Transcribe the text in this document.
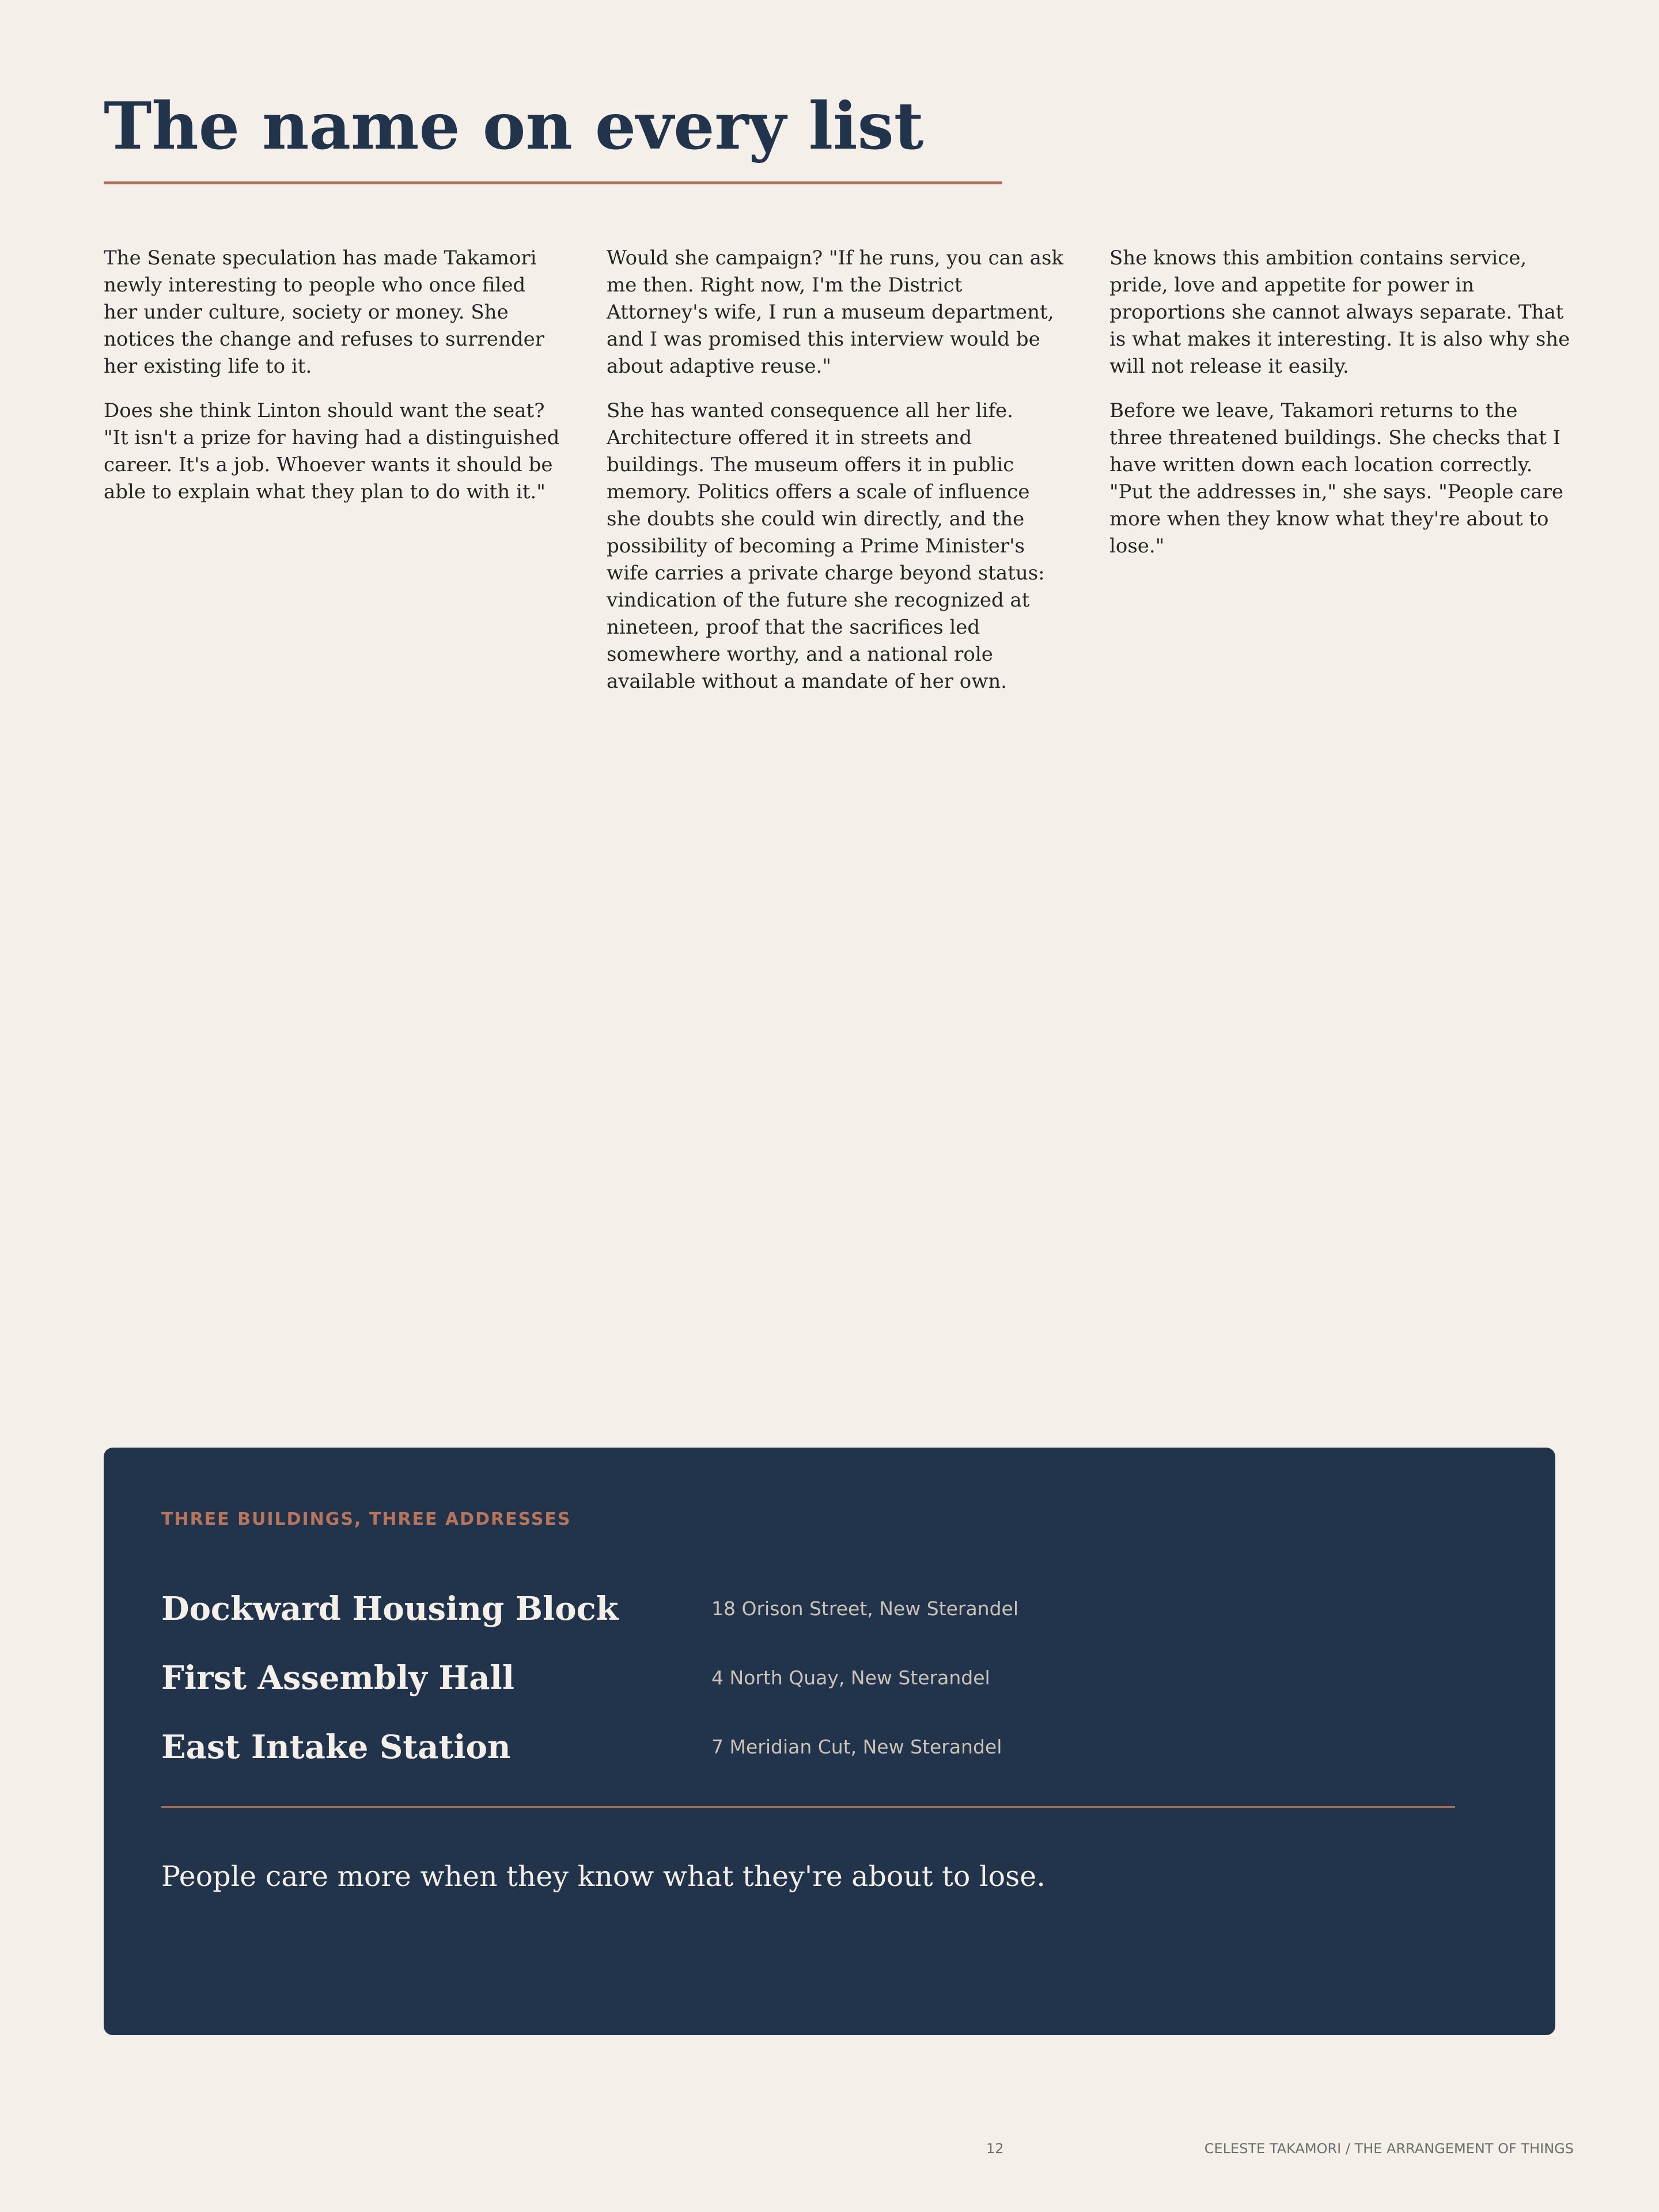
The name on every list

The Senate speculation has made Takamori newly interesting to people who once filed her under culture, society or money. She notices the change and refuses to surrender her existing life to it.

Does she think Linton should want the seat? "It isn't a prize for having had a distinguished career. It's a job. Whoever wants it should be able to explain what they plan to do with it."

Would she campaign? "If he runs, you can ask me then. Right now, I'm the District Attorney's wife, I run a museum department, and I was promised this interview would be about adaptive reuse."

She has wanted consequence all her life. Architecture offered it in streets and buildings. The museum offers it in public memory. Politics offers a scale of influence she doubts she could win directly, and the possibility of becoming a Prime Minister's wife carries a private charge beyond status: vindication of the future she recognized at nineteen, proof that the sacrifices led somewhere worthy, and a national role available without a mandate of her own.

She knows this ambition contains service, pride, love and appetite for power in proportions she cannot always separate. That is what makes it interesting. It is also why she will not release it easily.

Before we leave, Takamori returns to the three threatened buildings. She checks that I have written down each location correctly. "Put the addresses in," she says. "People care more when they know what they're about to lose."

THREE BUILDINGS, THREE ADDRESSES
Dockward Housing Block	18 Orison Street, New Sterandel
First Assembly Hall	4 North Quay, New Sterandel
East Intake Station	7 Meridian Cut, New Sterandel
People care more when they know what they're about to lose.
12	CELESTE TAKAMORI / THE ARRANGEMENT OF THINGS
